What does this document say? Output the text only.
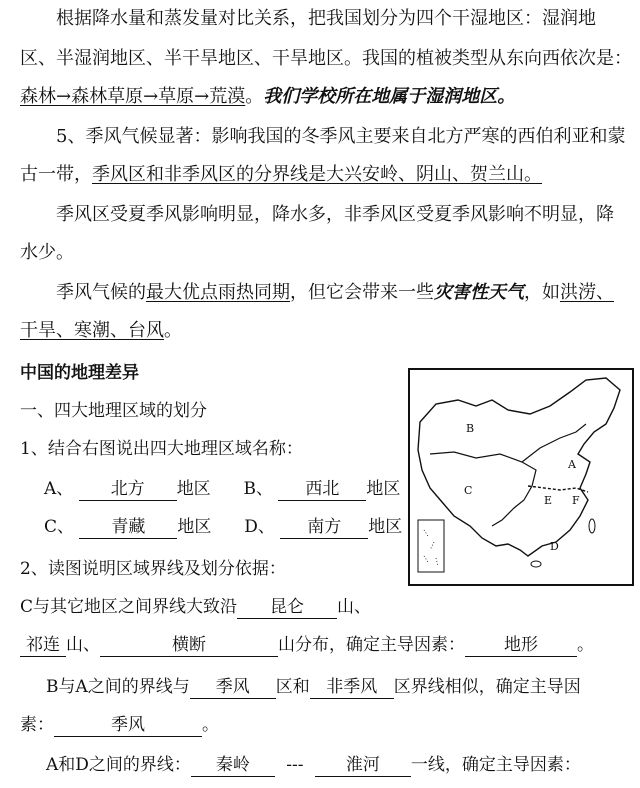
根据降水量和蒸发量对比关系，把我国划分为四个干湿地区：湿润地
区、半湿润地区、半干旱地区、干旱地区。我国的植被类型从东向西依次是：
森林→森林草原→草原→荒漠。我们学校所在地属于湿润地区。
5、季风气候显著：影响我国的冬季风主要来自北方严寒的西伯利亚和蒙
古一带，季风区和非季风区的分界线是大兴安岭、阴山、贺兰山。
季风区受夏季风影响明显，降水多，非季风区受夏季风影响不明显，降
水少。
季风气候的最大优点雨热同期，但它会带来一些灾害性天气，如洪涝、
干旱、寒潮、台风。
中国的地理差异
一、四大地理区域的划分
1、结合右图说出四大地理区域名称：
A、 北方 地区 B、 西北 地区
C、 青藏 地区 D、 南方 地区
2、读图说明区域界线及划分依据：
C与其它地区之间界线大致沿 昆仑 山、
祁连 山、	横断	山分布，确定主导因素： 地形 。
B与A之间的界线与 季风 区和 非季风 区界线相似，确定主导因
素：	季风	。
A和D之间的界线： 秦岭 --- 淮河 一线，确定主导因素：
B
A
C
E F
D
